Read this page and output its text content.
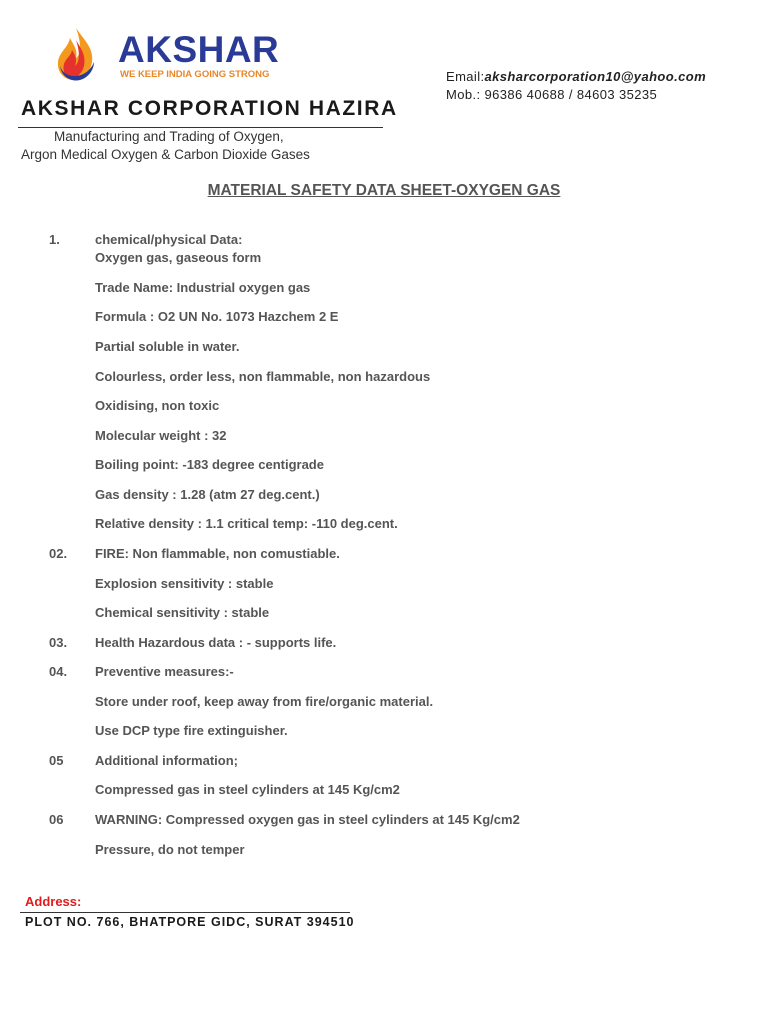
AKSHAR
WE KEEP INDIA GOING STRONG	Email:aksharcorporation10@yahoo.com
Mob.: 96386 40688 / 84603 35235
AKSHAR CORPORATION HAZIRA
Manufacturing and Trading of Oxygen,
Argon Medical Oxygen & Carbon Dioxide Gases
MATERIAL SAFETY DATA SHEET-OXYGEN GAS
1.	chemical/physical Data:
Oxygen gas, gaseous form
Trade Name: Industrial oxygen gas
Formula : O2 UN No. 1073 Hazchem 2 E
Partial soluble in water.
Colourless, order less, non flammable, non hazardous
Oxidising, non toxic
Molecular weight : 32
Boiling point: -183 degree centigrade
Gas density : 1.28 (atm 27 deg.cent.)
Relative density : 1.1 critical temp: -110 deg.cent.
02. FIRE: Non flammable, non comustiable.
Explosion sensitivity : stable
Chemical sensitivity : stable
03. Health Hazardous data : - supports life.
04. Preventive measures:-
Store under roof, keep away from fire/organic material.
Use DCP type fire extinguisher.
05 Additional information;
Compressed gas in steel cylinders at 145 Kg/cm2
06 WARNING: Compressed oxygen gas in steel cylinders at 145 Kg/cm2
Pressure, do not temper
Address:
PLOT NO. 766, BHATPORE GIDC, SURAT 394510
